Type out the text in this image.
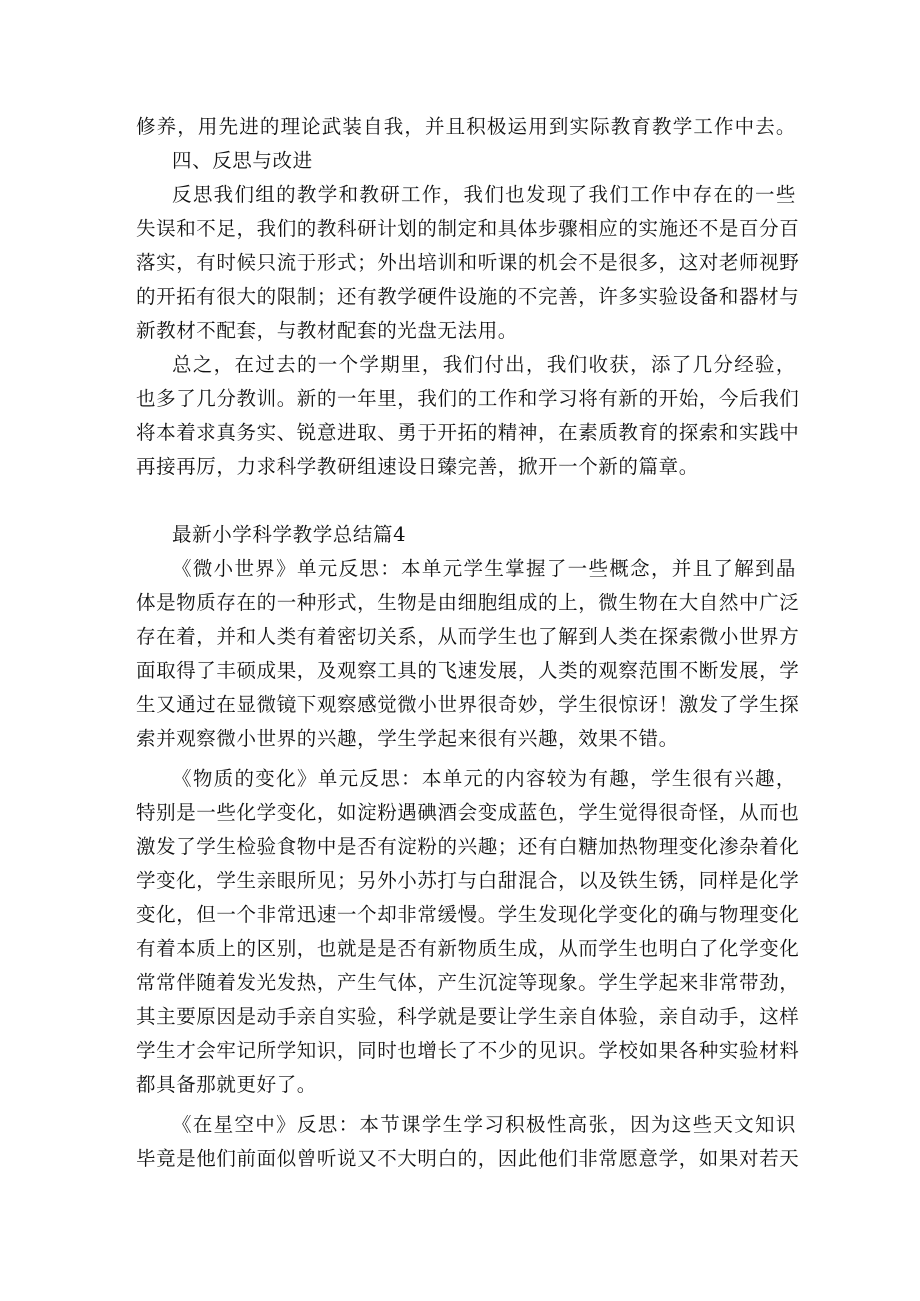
修养，用先进的理论武装自我，并且积极运用到实际教育教学工作中去。
四、反思与改进
反思我们组的教学和教研工作，我们也发现了我们工作中存在的一些
失误和不足，我们的教科研计划的制定和具体步骤相应的实施还不是百分百
落实，有时候只流于形式；外出培训和听课的机会不是很多，这对老师视野
的开拓有很大的限制；还有教学硬件设施的不完善，许多实验设备和器材与
新教材不配套，与教材配套的光盘无法用。
总之，在过去的一个学期里，我们付出，我们收获，添了几分经验，
也多了几分教训。新的一年里，我们的工作和学习将有新的开始，今后我们
将本着求真务实、锐意进取、勇于开拓的精神，在素质教育的探索和实践中
再接再厉，力求科学教研组速设日臻完善，掀开一个新的篇章。
最新小学科学教学总结篇4
《微小世界》单元反思：本单元学生掌握了一些概念，并且了解到晶
体是物质存在的一种形式，生物是由细胞组成的上，微生物在大自然中广泛
存在着，并和人类有着密切关系，从而学生也了解到人类在探索微小世界方
面取得了丰硕成果，及观察工具的飞速发展，人类的观察范围不断发展，学
生又通过在显微镜下观察感觉微小世界很奇妙，学生很惊讶！激发了学生探
索并观察微小世界的兴趣，学生学起来很有兴趣，效果不错。
《物质的变化》单元反思：本单元的内容较为有趣，学生很有兴趣，
特别是一些化学变化，如淀粉遇碘酒会变成蓝色，学生觉得很奇怪，从而也
激发了学生检验食物中是否有淀粉的兴趣；还有白糖加热物理变化渗杂着化
学变化，学生亲眼所见；另外小苏打与白甜混合，以及铁生锈，同样是化学
变化，但一个非常迅速一个却非常缓慢。学生发现化学变化的确与物理变化
有着本质上的区别，也就是是否有新物质生成，从而学生也明白了化学变化
常常伴随着发光发热，产生气体，产生沉淀等现象。学生学起来非常带劲，
其主要原因是动手亲自实验，科学就是要让学生亲自体验，亲自动手，这样
学生才会牢记所学知识，同时也增长了不少的见识。学校如果各种实验材料
都具备那就更好了。
《在星空中》反思：本节课学生学习积极性高张，因为这些天文知识
毕竟是他们前面似曾听说又不大明白的，因此他们非常愿意学，如果对若天
